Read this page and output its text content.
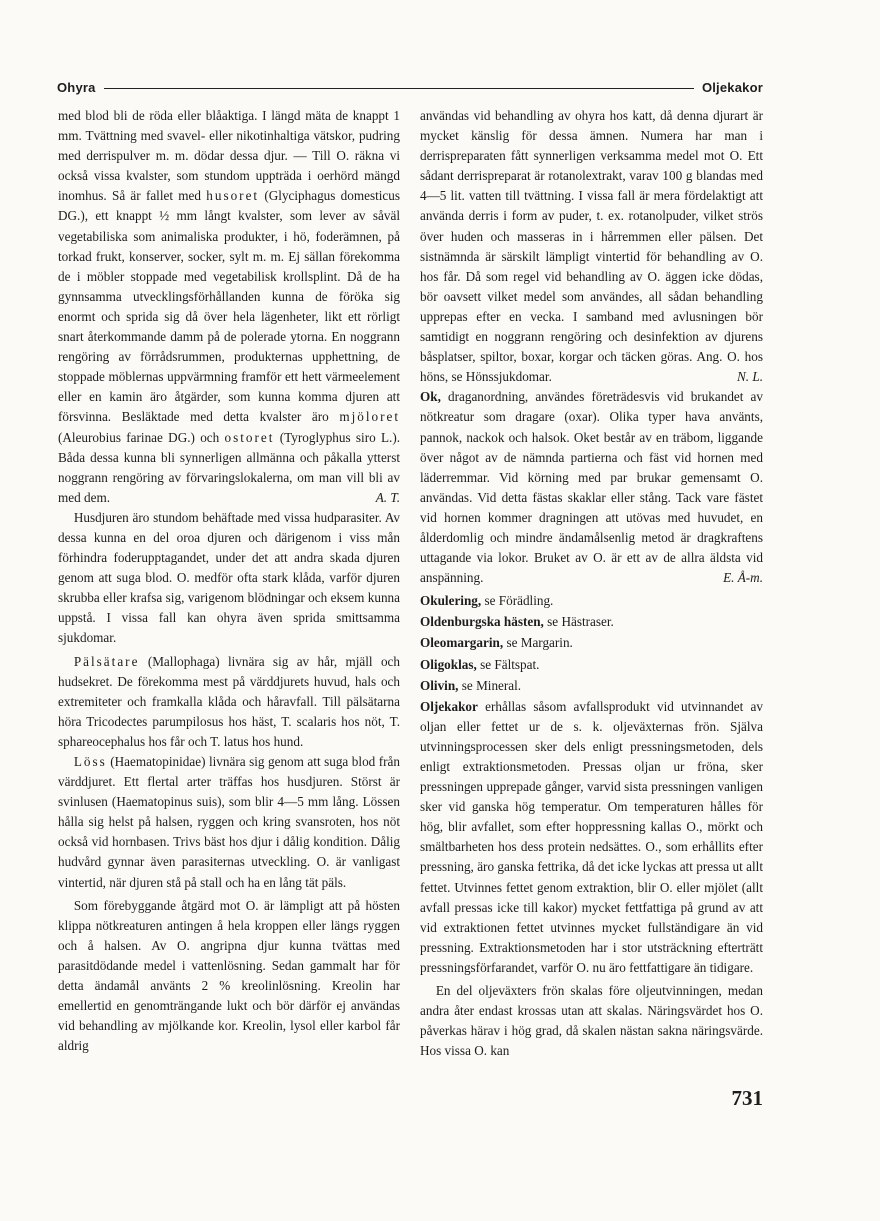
Ohyra	Oljekakor

med blod bli de röda eller blåaktiga. I längd mäta de knappt 1 mm. Tvättning med svavel- eller nikotinhaltiga vätskor, pudring med derrispulver m. m. dödar dessa djur. — Till O. räkna vi också vissa kvalster, som stundom uppträda i oerhörd mängd inomhus. Så är fallet med husoret (Glyciphagus domesticus DG.), ett knappt ½ mm långt kvalster, som lever av såväl vegetabiliska som animaliska produkter, i hö, foderämnen, på torkad frukt, konserver, socker, sylt m. m. Ej sällan förekomma de i möbler stoppade med vegetabilisk krollsplint. Då de ha gynnsamma utvecklingsförhållanden kunna de föröka sig enormt och sprida sig då över hela lägenheter, likt ett rörligt snart återkommande damm på de polerade ytorna. En noggrann rengöring av förrådsrummen, produkternas upphettning, de stoppade möblernas uppvärmning framför ett hett värmeelement eller en kamin äro åtgärder, som kunna komma djuren att försvinna. Besläktade med detta kvalster äro mjöloret (Aleurobius farinae DG.) och ostoret (Tyroglyphus siro L.). Båda dessa kunna bli synnerligen allmänna och påkalla ytterst noggrann rengöring av förvaringslokalerna, om man vill bli av med dem.	A. T.

Husdjuren äro stundom behäftade med vissa hudparasiter. Av dessa kunna en del oroa djuren och därigenom i viss mån förhindra foderupptagandet, under det att andra skada djuren genom att suga blod. O. medför ofta stark klåda, varför djuren skrubba eller krafsa sig, varigenom blödningar och eksem kunna uppstå. I vissa fall kan ohyra även sprida smittsamma sjukdomar.

Pälsätare (Mallophaga) livnära sig av hår, mjäll och hudsekret. De förekomma mest på värddjurets huvud, hals och extremiteter och framkalla klåda och håravfall. Till pälsätarna höra Tricodectes parumpilosus hos häst, T. scalaris hos nöt, T. sphareocephalus hos får och T. latus hos hund.

Löss (Haematopinidae) livnära sig genom att suga blod från värddjuret. Ett flertal arter träffas hos husdjuren. Störst är svinlusen (Haematopinus suis), som blir 4—5 mm lång. Lössen hålla sig helst på halsen, ryggen och kring svansroten, hos nöt också vid hornbasen. Trivs bäst hos djur i dålig kondition. Dålig hudvård gynnar även parasiternas utveckling. O. är vanligast vintertid, när djuren stå på stall och ha en lång tät päls.

Som förebyggande åtgärd mot O. är lämpligt att på hösten klippa nötkreaturen antingen å hela kroppen eller längs ryggen och å halsen. Av O. angripna djur kunna tvättas med parasitdödande medel i vattenlösning. Sedan gammalt har för detta ändamål använts 2 % kreolinlösning. Kreolin har emellertid en genomträngande lukt och bör därför ej användas vid behandling av mjölkande kor. Kreolin, lysol eller karbol får aldrig

användas vid behandling av ohyra hos katt, då denna djurart är mycket känslig för dessa ämnen. Numera har man i derrispreparaten fått synnerligen verksamma medel mot O. Ett sådant derrispreparat är rotanolextrakt, varav 100 g blandas med 4—5 lit. vatten till tvättning. I vissa fall är mera fördelaktigt att använda derris i form av puder, t. ex. rotanolpuder, vilket strös över huden och masseras in i hårremmen eller pälsen. Det sistnämnda är särskilt lämpligt vintertid för behandling av O. hos får. Då som regel vid behandling av O. äggen icke dödas, bör oavsett vilket medel som användes, all sådan behandling upprepas efter en vecka. I samband med avlusningen bör samtidigt en noggrann rengöring och desinfektion av djurens båsplatser, spiltor, boxar, korgar och täcken göras. Ang. O. hos höns, se Hönssjukdomar.	N. L.

Ok, draganordning, användes företrädesvis vid brukandet av nötkreatur som dragare (oxar). Olika typer hava använts, pannok, nackok och halsok. Oket består av en träbom, liggande över något av de nämnda partierna och fäst vid hornen med läderremmar. Vid körning med par brukar gemensamt O. användas. Vid detta fästas skaklar eller stång. Tack vare fästet vid hornen kommer dragningen att utövas med huvudet, en ålderdomlig och mindre ändamålsenlig metod är dragkraftens uttagande via lokor. Bruket av O. är ett av de allra äldsta vid anspänning.	E. Å-m.

Okulering, se Förädling.

Oldenburgska hästen, se Hästraser.

Oleomargarin, se Margarin.

Oligoklas, se Fältspat.

Olivin, se Mineral.

Oljekakor erhållas såsom avfallsprodukt vid utvinnandet av oljan eller fettet ur de s. k. oljeväxternas frön. Själva utvinningsprocessen sker dels enligt pressningsmetoden, dels enligt extraktionsmetoden. Pressas oljan ur fröna, sker pressningen upprepade gånger, varvid sista pressningen vanligen sker vid ganska hög temperatur. Om temperaturen hålles för hög, blir avfallet, som efter hoppressning kallas O., mörkt och smältbarheten hos dess protein nedsättes. O., som erhållits efter pressning, äro ganska fettrika, då det icke lyckas att pressa ut allt fettet. Utvinnes fettet genom extraktion, blir O. eller mjölet (allt avfall pressas icke till kakor) mycket fettfattiga på grund av att vid extraktionen fettet utvinnes mycket fullständigare än vid pressning. Extraktionsmetoden har i stor utsträckning efterträtt pressningsförfarandet, varför O. nu äro fettfattigare än tidigare.

En del oljeväxters frön skalas före oljeutvinningen, medan andra åter endast krossas utan att skalas. Näringsvärdet hos O. påverkas härav i hög grad, då skalen nästan sakna näringsvärde. Hos vissa O. kan

731
